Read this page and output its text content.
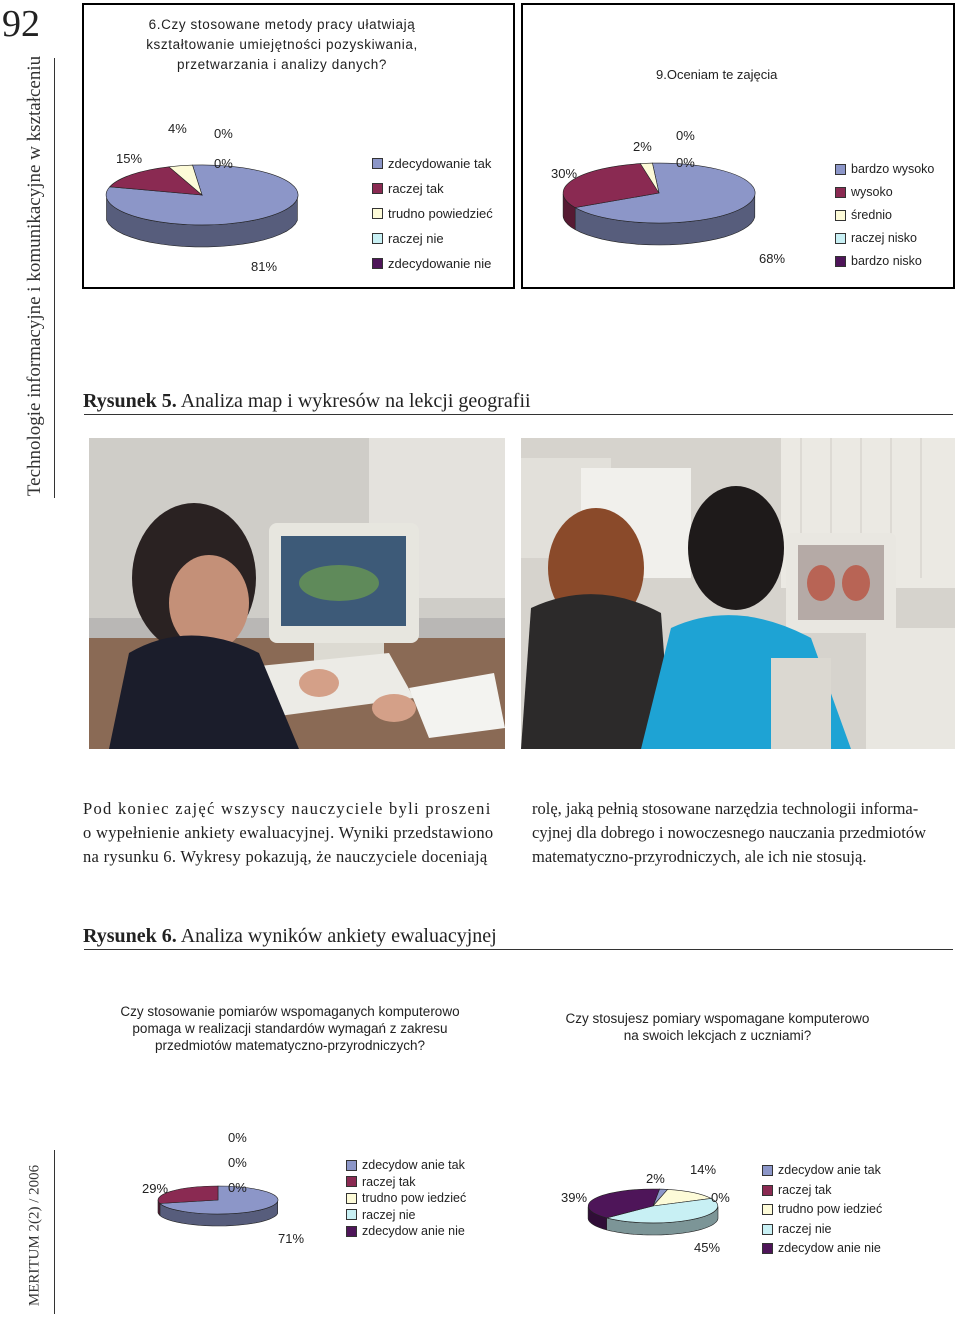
92
Technologie informacyjne i komunikacyjne w kształceniu
MERITUM 2(2) / 2006
6.Czy stosowane metody pracy ułatwiają
kształtowanie umiejętności pozyskiwania,
przetwarzania i analizy danych?
81%
15%
4% 0%
0%	zdecydowanie tak
raczej tak
trudno powiedzieć
raczej nie
zdecydowanie nie
9.Oceniam te zajęcia
68%
30%
2%
0%
0%	bardzo wysoko
wysoko
średnio
raczej nisko
bardzo nisko
Rysunek 5. Analiza map i wykresów na lekcji geografii
Pod koniec zajęć wszyscy nauczyciele byli proszeni
o wypełnienie ankiety ewaluacyjnej. Wyniki przedstawiono
na rysunku 6. Wykresy pokazują, że nauczyciele doceniają
rolę, jaką pełnią stosowane narzędzia technologii informa-
cyjnej dla dobrego i nowoczesnego nauczania przedmiotów
matematyczno-przyrodniczych, ale ich nie stosują.
Rysunek 6. Analiza wyników ankiety ewaluacyjnej
Czy stosowanie pomiarów wspomaganych komputerowo
pomaga w realizacji standardów wymagań z zakresu
przedmiotów matematyczno-przyrodniczych?
71%
29%
0%
0%
0%
zdecydow anie tak
raczej tak
trudno pow iedzieć
raczej nie
zdecydow anie nie
Czy stosujesz pomiary wspomagane komputerowo
na swoich lekcjach z uczniami?
45%
39%
14%
2%
0%
zdecydow anie tak
raczej tak
trudno pow iedzieć
raczej nie
zdecydow anie nie
